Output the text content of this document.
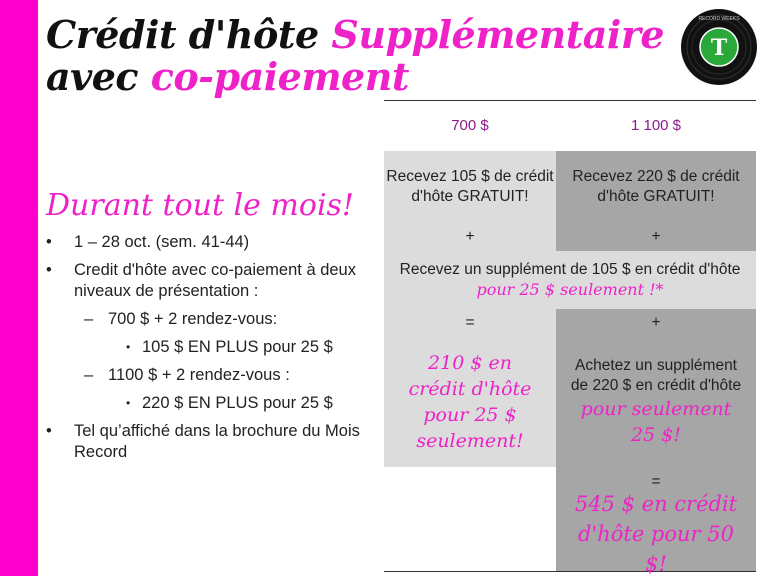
Crédit d'hôte Supplémentaire
avec co-paiement
T
RECORD WEEKS
Durant tout le mois!
• 1 – 28 oct. (sem. 41-44)
• Credit d'hôte avec co-paiement à deux niveaux de présentation :
– 700 $ + 2 rendez-vous:
• 105 $ EN PLUS pour 25 $
– 1100 $ + 2 rendez-vous :
• 220 $ EN PLUS pour 25 $
• Tel qu’affiché dans la brochure du Mois Record
700 $	1 100 $
Recevez 105 $ de crédit d'hôte GRATUIT!
Recevez 220 $ de crédit d'hôte GRATUIT!
+	+
Recevez un supplément de 105 $ en crédit d'hôte
pour 25 $ seulement !*
=
210 $ en crédit d'hôte pour 25 $ seulement!
+
Achetez un supplément de 220 $ en crédit d'hôte
pour seulement 25 $!
=
545 $ en crédit d'hôte pour 50 $!
